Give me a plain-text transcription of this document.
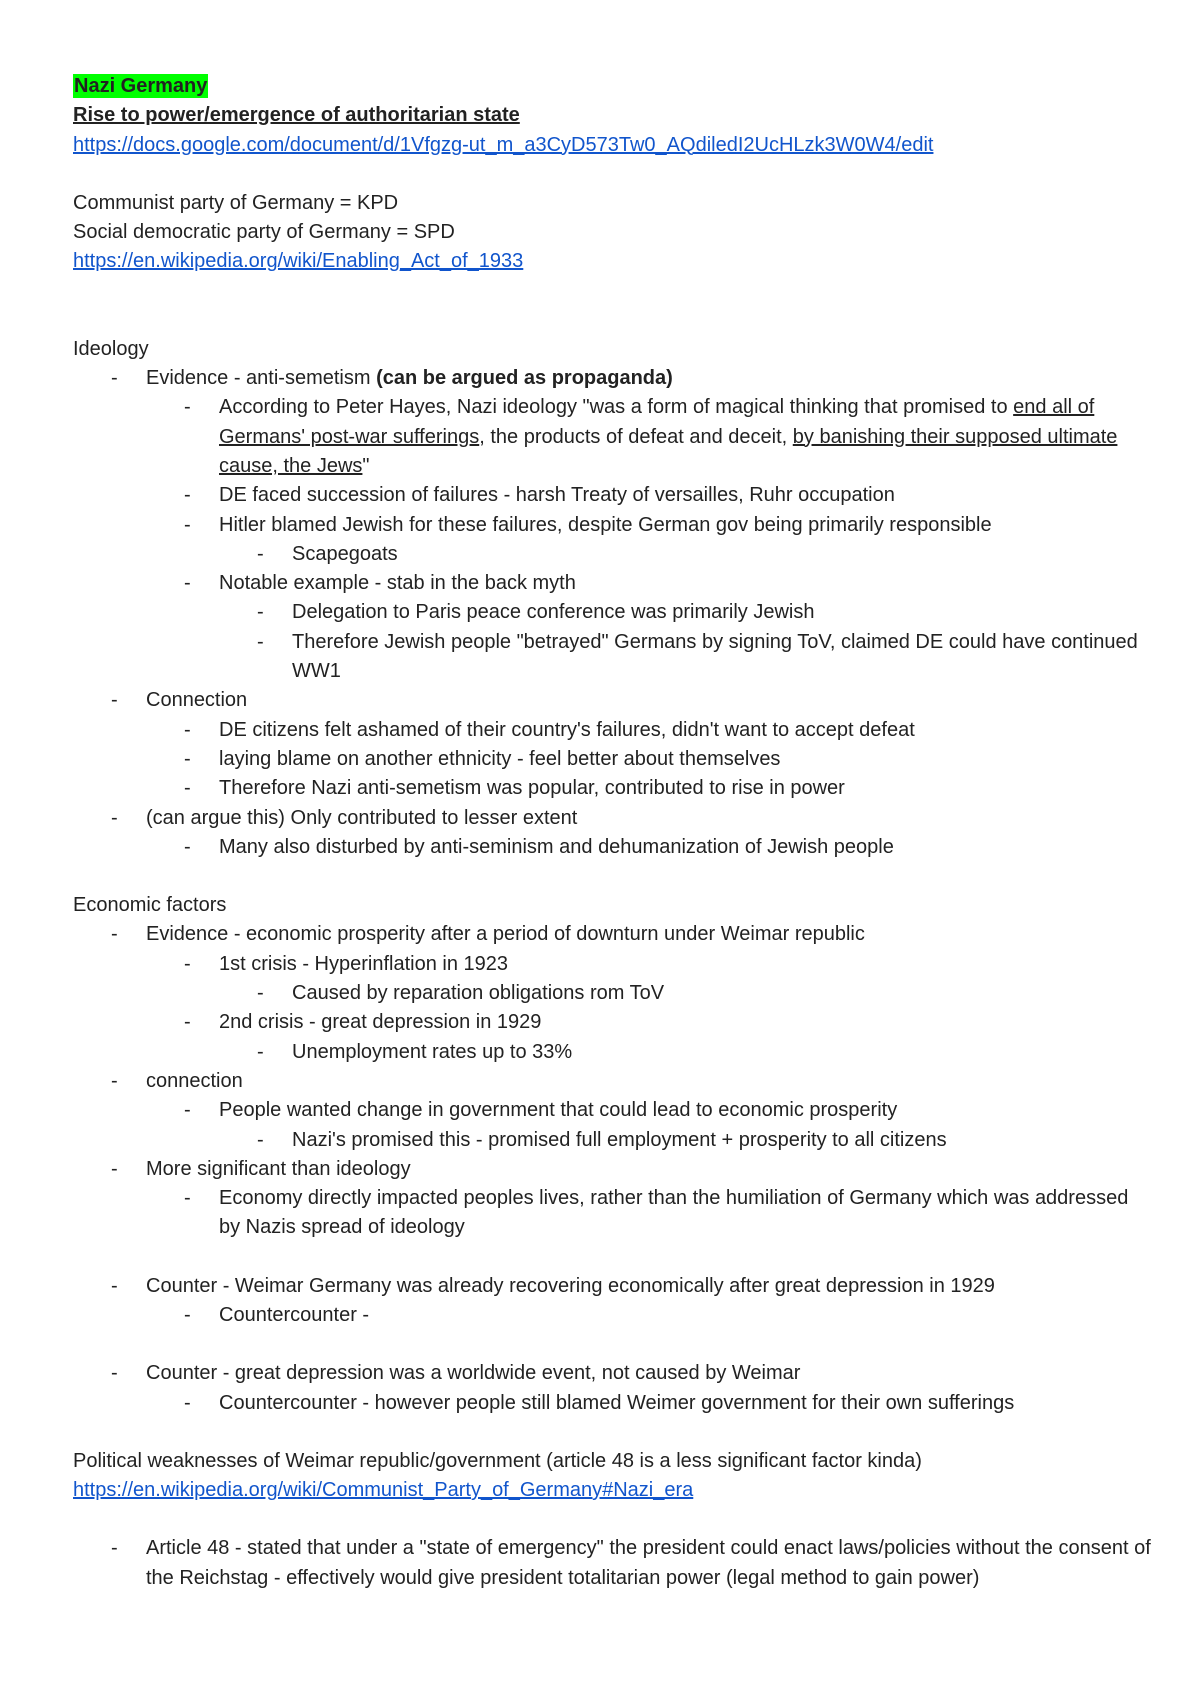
Nazi Germany

Rise to power/emergence of authoritarian state

https://docs.google.com/document/d/1Vfgzg-ut_m_a3CyD573Tw0_AQdiledI2UcHLzk3W0W4/edit

Communist party of Germany = KPD

Social democratic party of Germany = SPD

https://en.wikipedia.org/wiki/Enabling_Act_of_1933

Ideology

- Evidence - anti-semetism (can be argued as propaganda)
- According to Peter Hayes, Nazi ideology "was a form of magical thinking that promised to end all of Germans' post-war sufferings, the products of defeat and deceit, by banishing their supposed ultimate cause, the Jews"
- DE faced succession of failures - harsh Treaty of versailles, Ruhr occupation
- Hitler blamed Jewish for these failures, despite German gov being primarily responsible
- Scapegoats
- Notable example - stab in the back myth
- Delegation to Paris peace conference was primarily Jewish
- Therefore Jewish people "betrayed" Germans by signing ToV, claimed DE could have continued WW1
- Connection
- DE citizens felt ashamed of their country's failures, didn't want to accept defeat
- laying blame on another ethnicity - feel better about themselves
- Therefore Nazi anti-semetism was popular, contributed to rise in power
- (can argue this) Only contributed to lesser extent
- Many also disturbed by anti-seminism and dehumanization of Jewish people

Economic factors

- Evidence - economic prosperity after a period of downturn under Weimar republic
- 1st crisis - Hyperinflation in 1923
- Caused by reparation obligations rom ToV
- 2nd crisis - great depression in 1929
- Unemployment rates up to 33%
- connection
- People wanted change in government that could lead to economic prosperity
- Nazi's promised this - promised full employment + prosperity to all citizens
- More significant than ideology
- Economy directly impacted peoples lives, rather than the humiliation of Germany which was addressed by Nazis spread of ideology
- Counter - Weimar Germany was already recovering economically after great depression in 1929
- Countercounter -
- Counter - great depression was a worldwide event, not caused by Weimar
- Countercounter - however people still blamed Weimer government for their own sufferings

Political weaknesses of Weimar republic/government (article 48 is a less significant factor kinda)

https://en.wikipedia.org/wiki/Communist_Party_of_Germany#Nazi_era

- Article 48 - stated that under a "state of emergency" the president could enact laws/policies without the consent of the Reichstag - effectively would give president totalitarian power (legal method to gain power)
